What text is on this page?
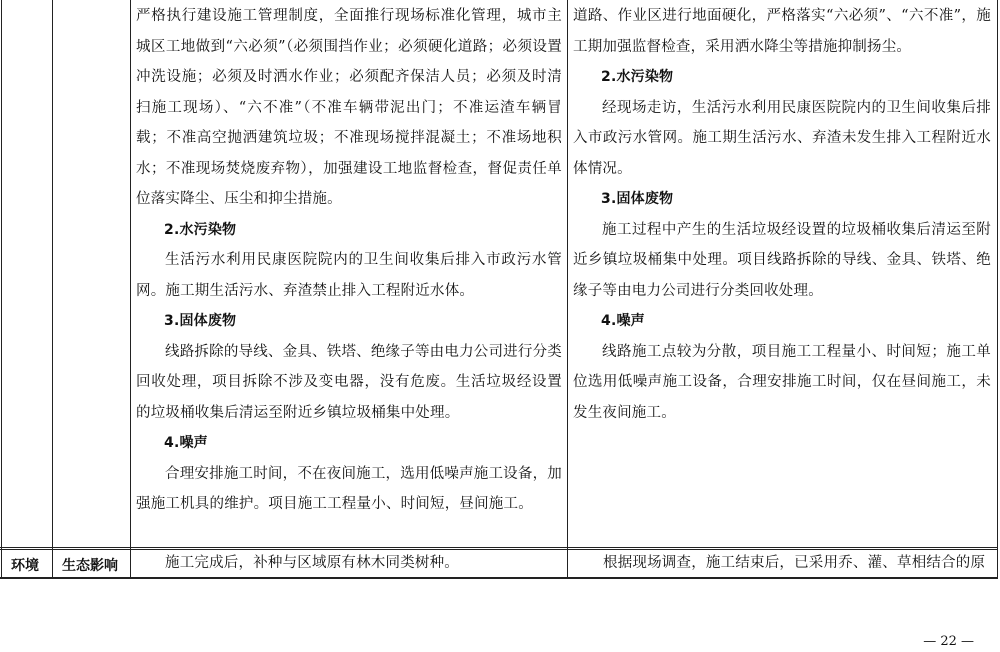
严格执行建设施工管理制度，全面推行现场标准化管理，城市主城区工地做到“六必须”（必须围挡作业；必须硬化道路；必须设置冲洗设施；必须及时洒水作业；必须配齐保洁人员；必须及时清扫施工现场）、“六不准”（不准车辆带泥出门；不准运渣车辆冒载；不准高空抛洒建筑垃圾；不准现场搅拌混凝土；不准场地积水；不准现场焚烧废弃物），加强建设工地监督检查，督促责任单位落实降尘、压尘和抑尘措施。

2.水污染物

生活污水利用民康医院院内的卫生间收集后排入市政污水管网。施工期生活污水、弃渣禁止排入工程附近水体。

3.固体废物

线路拆除的导线、金具、铁塔、绝缘子等由电力公司进行分类回收处理，项目拆除不涉及变电器，没有危废。生活垃圾经设置的垃圾桶收集后清运至附近乡镇垃圾桶集中处理。

4.噪声

合理安排施工时间，不在夜间施工，选用低噪声施工设备，加强施工机具的维护。项目施工工程量小、时间短，昼间施工。

道路、作业区进行地面硬化，严格落实“六必须”、“六不准”，施工期加强监督检查，采用洒水降尘等措施抑制扬尘。

2.水污染物

经现场走访，生活污水利用民康医院院内的卫生间收集后排入市政污水管网。施工期生活污水、弃渣未发生排入工程附近水体情况。

3.固体废物

施工过程中产生的生活垃圾经设置的垃圾桶收集后清运至附近乡镇垃圾桶集中处理。项目线路拆除的导线、金具、铁塔、绝缘子等由电力公司进行分类回收处理。

4.噪声

线路施工点较为分散，项目施工工程量小、时间短；施工单位选用低噪声施工设备，合理安排施工时间，仅在昼间施工，未发生夜间施工。

环境 生态影响	施工完成后，补种与区域原有林木同类树种。	根据现场调查，施工结束后，已采用乔、灌、草相结合的原
— 22 —
